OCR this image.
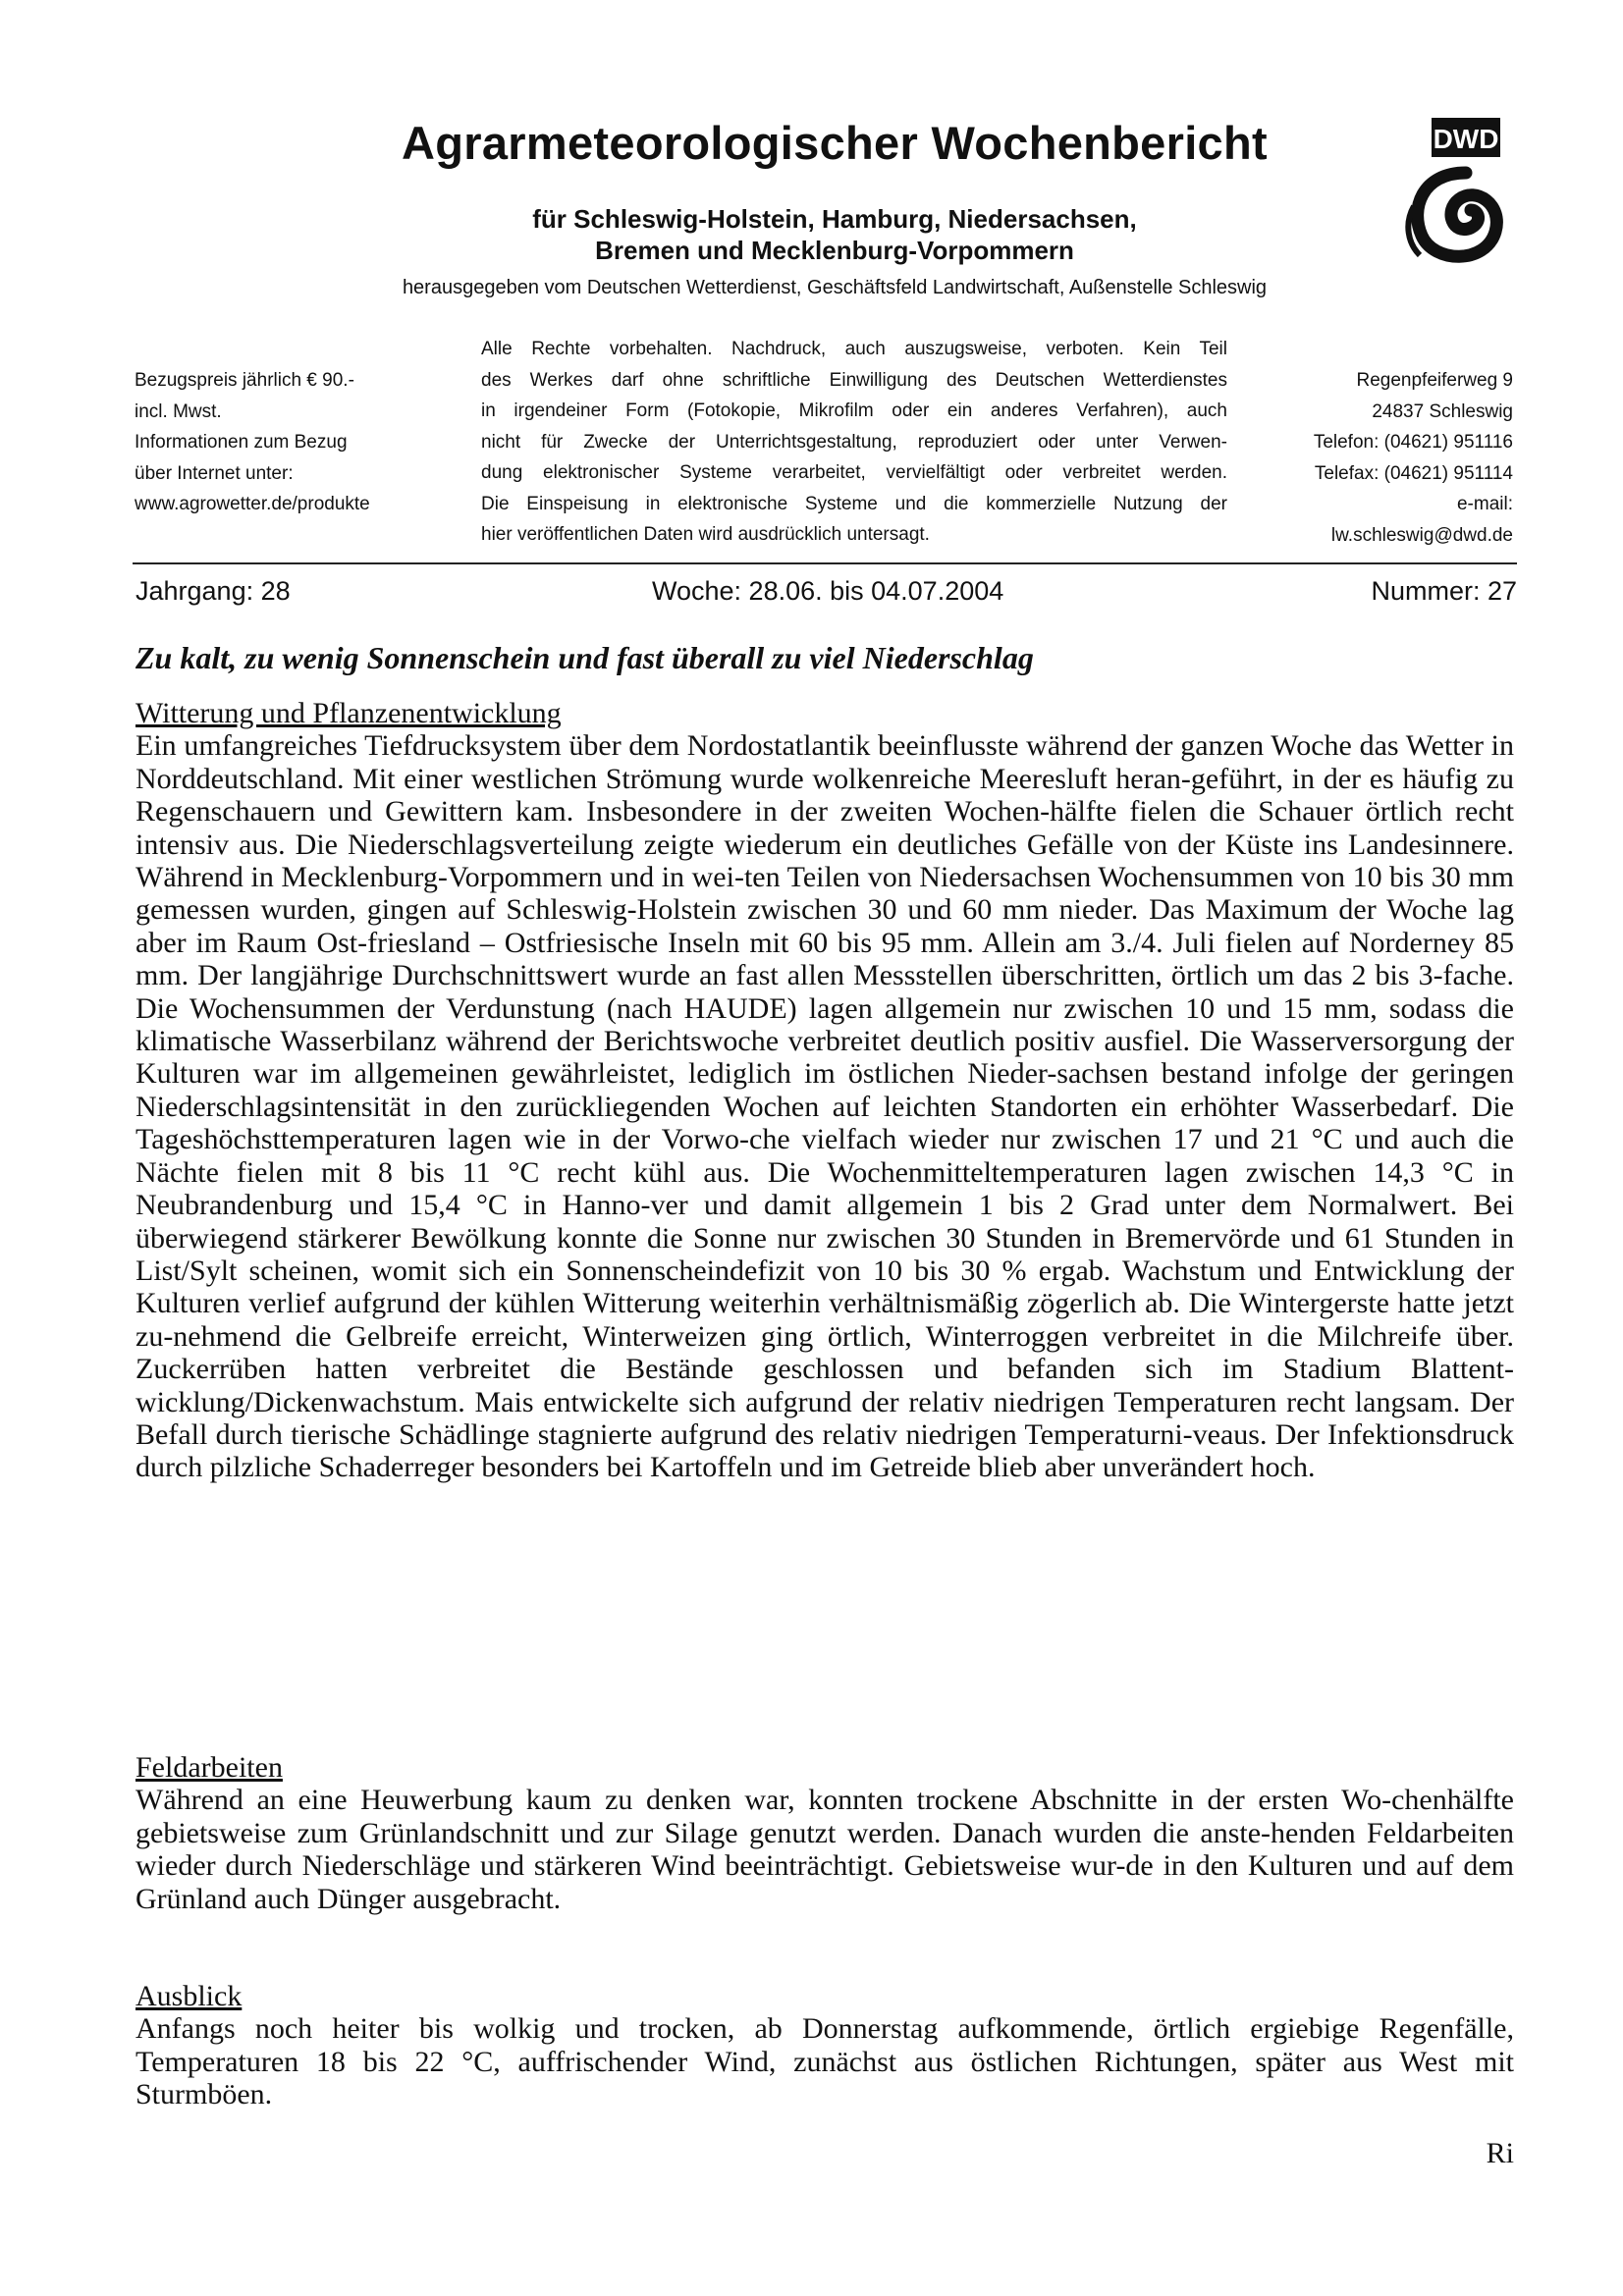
Agrarmeteorologischer Wochenbericht
für Schleswig-Holstein, Hamburg, Niedersachsen,
Bremen und Mecklenburg-Vorpommern
herausgegeben vom Deutschen Wetterdienst, Geschäftsfeld Landwirtschaft, Außenstelle Schleswig
DWD
Bezugspreis jährlich € 90.-
incl. Mwst.
Informationen zum Bezug
über Internet unter:
www.agrowetter.de/produkte
Alle Rechte vorbehalten. Nachdruck, auch auszugsweise, verboten. Kein Teil
des Werkes darf ohne schriftliche Einwilligung des Deutschen Wetterdienstes
in irgendeiner Form (Fotokopie, Mikrofilm oder ein anderes Verfahren), auch
nicht für Zwecke der Unterrichtsgestaltung, reproduziert oder unter Verwen-
dung elektronischer Systeme verarbeitet, vervielfältigt oder verbreitet werden.
Die Einspeisung in elektronische Systeme und die kommerzielle Nutzung der
hier veröffentlichen Daten wird ausdrücklich untersagt.
Regenpfeiferweg 9
24837 Schleswig
Telefon: (04621) 951116
Telefax: (04621) 951114
e-mail:
lw.schleswig@dwd.de
Jahrgang: 28	Woche: 28.06. bis 04.07.2004	Nummer: 27
Zu kalt, zu wenig Sonnenschein und fast überall zu viel Niederschlag
Witterung und Pflanzenentwicklung
Ein umfangreiches Tiefdrucksystem über dem Nordostatlantik beeinflusste während der ganzen Woche das Wetter in Norddeutschland. Mit einer westlichen Strömung wurde wolkenreiche Meeresluft heran-geführt, in der es häufig zu Regenschauern und Gewittern kam. Insbesondere in der zweiten Wochen-hälfte fielen die Schauer örtlich recht intensiv aus. Die Niederschlagsverteilung zeigte wiederum ein deutliches Gefälle von der Küste ins Landesinnere. Während in Mecklenburg-Vorpommern und in wei-ten Teilen von Niedersachsen Wochensummen von 10 bis 30 mm gemessen wurden, gingen auf Schleswig-Holstein zwischen 30 und 60 mm nieder. Das Maximum der Woche lag aber im Raum Ost-friesland – Ostfriesische Inseln mit 60 bis 95 mm. Allein am 3./4. Juli fielen auf Norderney 85 mm. Der langjährige Durchschnittswert wurde an fast allen Messstellen überschritten, örtlich um das 2 bis 3-fache. Die Wochensummen der Verdunstung (nach HAUDE) lagen allgemein nur zwischen 10 und 15 mm, sodass die klimatische Wasserbilanz während der Berichtswoche verbreitet deutlich positiv ausfiel. Die Wasserversorgung der Kulturen war im allgemeinen gewährleistet, lediglich im östlichen Nieder-sachsen bestand infolge der geringen Niederschlagsintensität in den zurückliegenden Wochen auf leichten Standorten ein erhöhter Wasserbedarf. Die Tageshöchsttemperaturen lagen wie in der Vorwo-che vielfach wieder nur zwischen 17 und 21 °C und auch die Nächte fielen mit 8 bis 11 °C recht kühl aus. Die Wochenmitteltemperaturen lagen zwischen 14,3 °C in Neubrandenburg und 15,4 °C in Hanno-ver und damit allgemein 1 bis 2 Grad unter dem Normalwert. Bei überwiegend stärkerer Bewölkung konnte die Sonne nur zwischen 30 Stunden in Bremervörde und 61 Stunden in List/Sylt scheinen, womit sich ein Sonnenscheindefizit von 10 bis 30 % ergab. Wachstum und Entwicklung der Kulturen verlief aufgrund der kühlen Witterung weiterhin verhältnismäßig zögerlich ab. Die Wintergerste hatte jetzt zu-nehmend die Gelbreife erreicht, Winterweizen ging örtlich, Winterroggen verbreitet in die Milchreife über. Zuckerrüben hatten verbreitet die Bestände geschlossen und befanden sich im Stadium Blattent-wicklung/Dickenwachstum. Mais entwickelte sich aufgrund der relativ niedrigen Temperaturen recht langsam. Der Befall durch tierische Schädlinge stagnierte aufgrund des relativ niedrigen Temperaturni-veaus. Der Infektionsdruck durch pilzliche Schaderreger besonders bei Kartoffeln und im Getreide blieb aber unverändert hoch.
Feldarbeiten
Während an eine Heuwerbung kaum zu denken war, konnten trockene Abschnitte in der ersten Wo-chenhälfte gebietsweise zum Grünlandschnitt und zur Silage genutzt werden. Danach wurden die anste-henden Feldarbeiten wieder durch Niederschläge und stärkeren Wind beeinträchtigt. Gebietsweise wur-de in den Kulturen und auf dem Grünland auch Dünger ausgebracht.
Ausblick
Anfangs noch heiter bis wolkig und trocken, ab Donnerstag aufkommende, örtlich ergiebige Regenfälle, Temperaturen 18 bis 22 °C, auffrischender Wind, zunächst aus östlichen Richtungen, später aus West mit Sturmböen.
Ri
